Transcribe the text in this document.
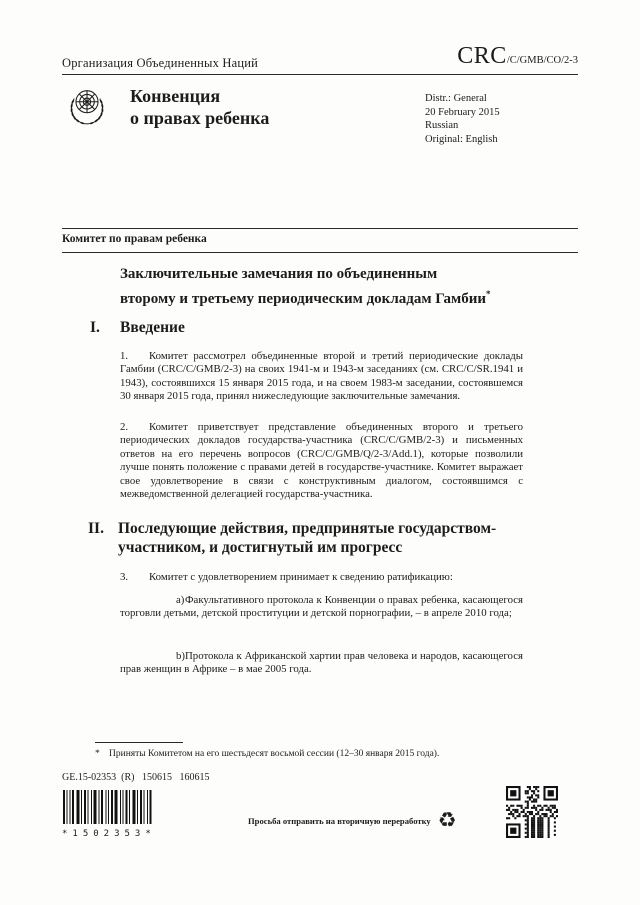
Организация Объединенных Наций	CRC/C/GMB/CO/2-3
Конвенция
о правах ребенка
Distr.: General
20 February 2015
Russian
Original: English
Комитет по правам ребенка
Заключительные замечания по объединенным
второму и третьему периодическим докладам Гамбии*
I.	Введение

1. Комитет рассмотрел объединенные второй и третий периодические доклады Гамбии (CRC/C/GMB/2-3) на своих 1941-м и 1943-м заседаниях (см. CRC/C/SR.1941 и 1943), состоявшихся 15 января 2015 года, и на своем 1983-м заседании, состоявшемся 30 января 2015 года, принял нижеследующие заключительные замечания.

2. Комитет приветствует представление объединенных второго и третьего периодических докладов государства-участника (CRC/C/GMB/2-3) и письменных ответов на его перечень вопросов (CRC/C/GMB/Q/2-3/Add.1), которые позволили лучше понять положение с правами детей в государстве-участнике. Комитет выражает свое удовлетворение в связи с конструктивным диалогом, состоявшимся с межведомственной делегацией государства-участника.

II. Последующие действия, предпринятые государством-участником, и достигнутый им прогресс

3. Комитет с удовлетворением принимает к сведению ратификацию:

a)Факультативного протокола к Конвенции о правах ребенка, касающегося торговли детьми, детской проституции и детской порнографии, – в апреле 2010 года;

b)Протокола к Африканской хартии прав человека и народов, касающегося прав женщин в Африке – в мае 2005 года.

* Приняты Комитетом на его шестьдесят восьмой сессии (12–30 января 2015 года).

GE.15-02353  (R)   150615   160615
*1502353*
Просьба отправить на вторичную переработку ♻
